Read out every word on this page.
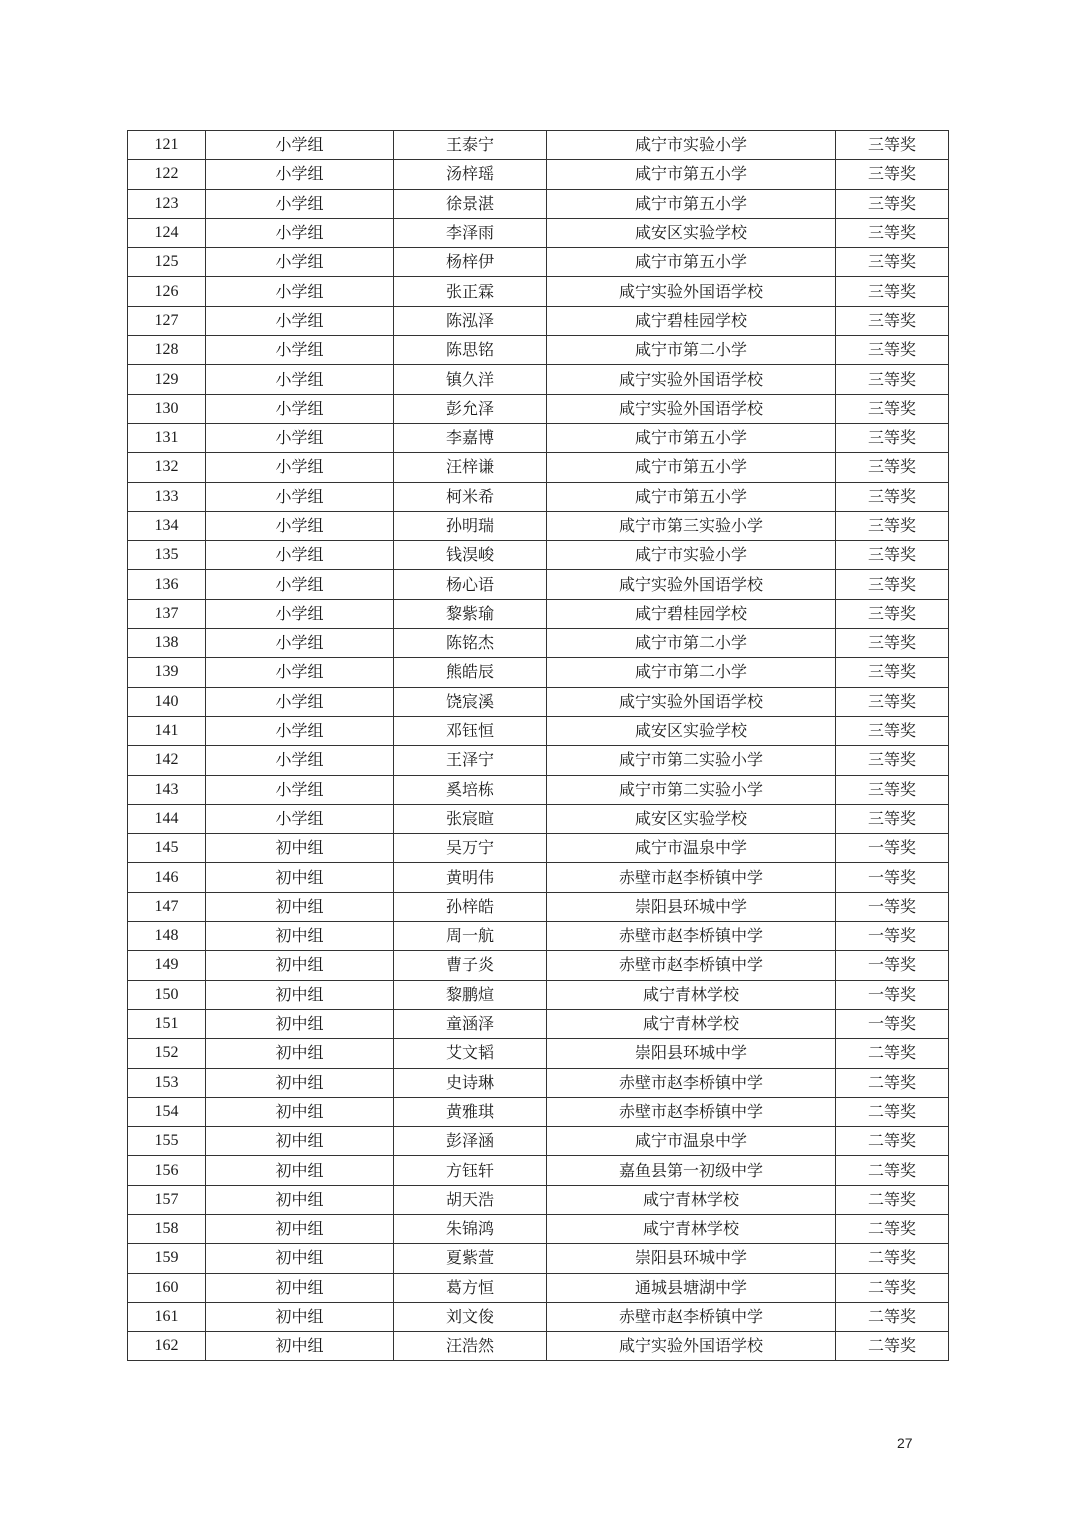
121	小学组	王泰宁	咸宁市实验小学	三等奖
122	小学组	汤梓瑶	咸宁市第五小学	三等奖
123	小学组	徐景湛	咸宁市第五小学	三等奖
124	小学组	李泽雨	咸安区实验学校	三等奖
125	小学组	杨梓伊	咸宁市第五小学	三等奖
126	小学组	张正霖	咸宁实验外国语学校	三等奖
127	小学组	陈泓泽	咸宁碧桂园学校	三等奖
128	小学组	陈思铭	咸宁市第二小学	三等奖
129	小学组	镇久洋	咸宁实验外国语学校	三等奖
130	小学组	彭允泽	咸宁实验外国语学校	三等奖
131	小学组	李嘉博	咸宁市第五小学	三等奖
132	小学组	汪梓谦	咸宁市第五小学	三等奖
133	小学组	柯米希	咸宁市第五小学	三等奖
134	小学组	孙明瑞	咸宁市第三实验小学	三等奖
135	小学组	钱淏峻	咸宁市实验小学	三等奖
136	小学组	杨心语	咸宁实验外国语学校	三等奖
137	小学组	黎紫瑜	咸宁碧桂园学校	三等奖
138	小学组	陈铭杰	咸宁市第二小学	三等奖
139	小学组	熊皓辰	咸宁市第二小学	三等奖
140	小学组	饶宸溪	咸宁实验外国语学校	三等奖
141	小学组	邓钰恒	咸安区实验学校	三等奖
142	小学组	王泽宁	咸宁市第二实验小学	三等奖
143	小学组	奚培栋	咸宁市第二实验小学	三等奖
144	小学组	张宸暄	咸安区实验学校	三等奖
145	初中组	吴万宁	咸宁市温泉中学	一等奖
146	初中组	黄明伟	赤壁市赵李桥镇中学	一等奖
147	初中组	孙梓皓	崇阳县环城中学	一等奖
148	初中组	周一航	赤壁市赵李桥镇中学	一等奖
149	初中组	曹子炎	赤壁市赵李桥镇中学	一等奖
150	初中组	黎鹏煊	咸宁青林学校	一等奖
151	初中组	童涵泽	咸宁青林学校	一等奖
152	初中组	艾文韬	崇阳县环城中学	二等奖
153	初中组	史诗琳	赤壁市赵李桥镇中学	二等奖
154	初中组	黄雅琪	赤壁市赵李桥镇中学	二等奖
155	初中组	彭泽涵	咸宁市温泉中学	二等奖
156	初中组	方钰轩	嘉鱼县第一初级中学	二等奖
157	初中组	胡天浩	咸宁青林学校	二等奖
158	初中组	朱锦鸿	咸宁青林学校	二等奖
159	初中组	夏紫萱	崇阳县环城中学	二等奖
160	初中组	葛方恒	通城县塘湖中学	二等奖
161	初中组	刘文俊	赤壁市赵李桥镇中学	二等奖
162	初中组	汪浩然	咸宁实验外国语学校	二等奖
27
